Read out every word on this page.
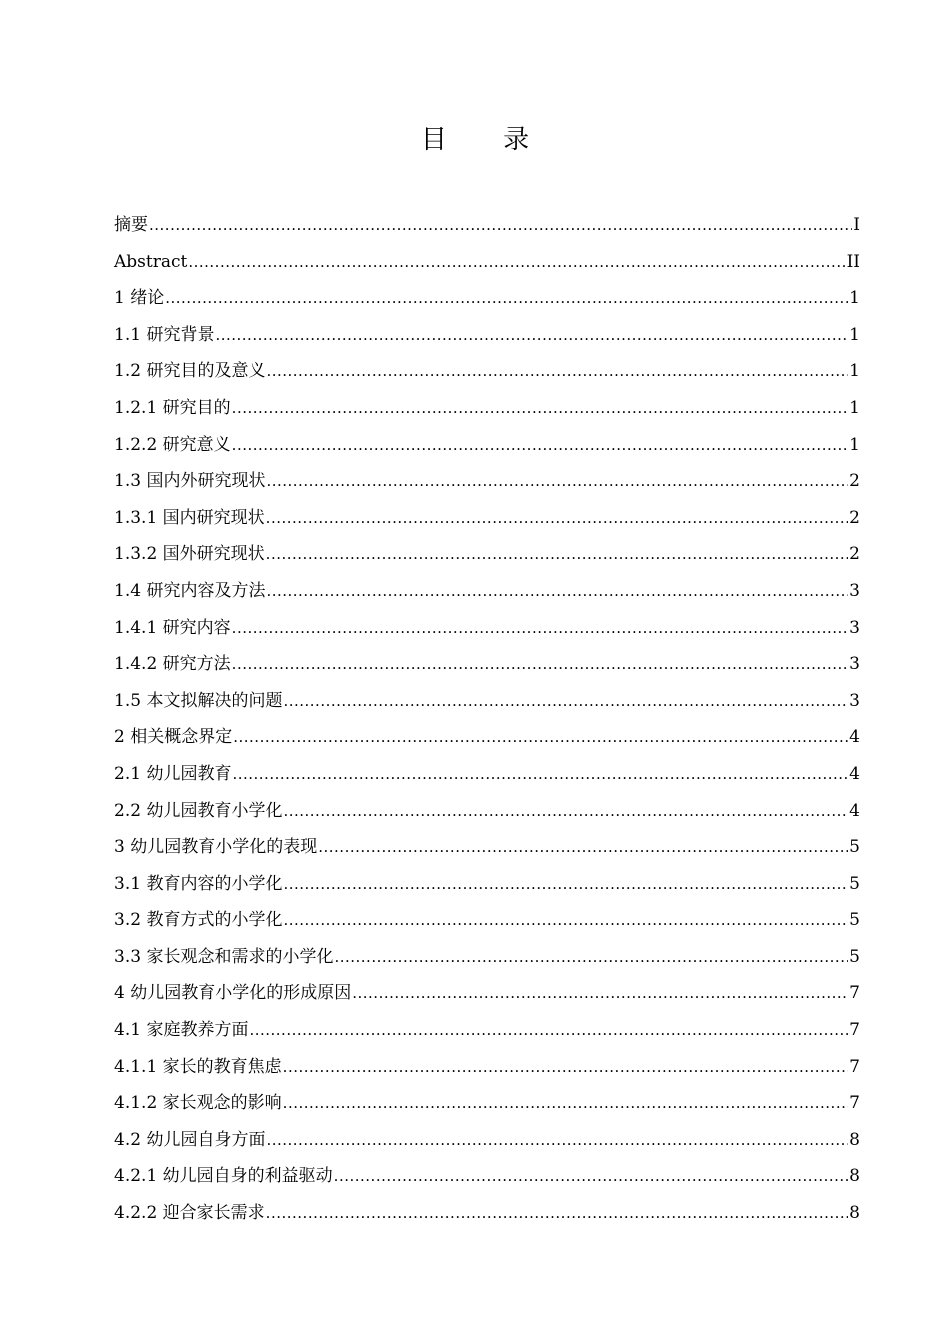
目 录
摘要 .....	I
Abstract .....	II
1 绪论 .....	1
1.1 研究背景 .....	1
1.2 研究目的及意义 .....	1
1.2.1 研究目的 .....	1
1.2.2 研究意义 .....	1
1.3 国内外研究现状 .....	2
1.3.1 国内研究现状 .....	2
1.3.2 国外研究现状 .....	2
1.4 研究内容及方法 .....	3
1.4.1 研究内容 .....	3
1.4.2 研究方法 .....	3
1.5 本文拟解决的问题 .....	3
2 相关概念界定 .....	4
2.1 幼儿园教育 .....	4
2.2 幼儿园教育小学化 .....	4
3 幼儿园教育小学化的表现 .....	5
3.1 教育内容的小学化 .....	5
3.2 教育方式的小学化 .....	5
3.3 家长观念和需求的小学化 .....	5
4 幼儿园教育小学化的形成原因 .....	7
4.1 家庭教养方面 .....	7
4.1.1 家长的教育焦虑 .....	7
4.1.2 家长观念的影响 .....	7
4.2 幼儿园自身方面 .....	8
4.2.1 幼儿园自身的利益驱动 .....	8
4.2.2 迎合家长需求 .....	8
